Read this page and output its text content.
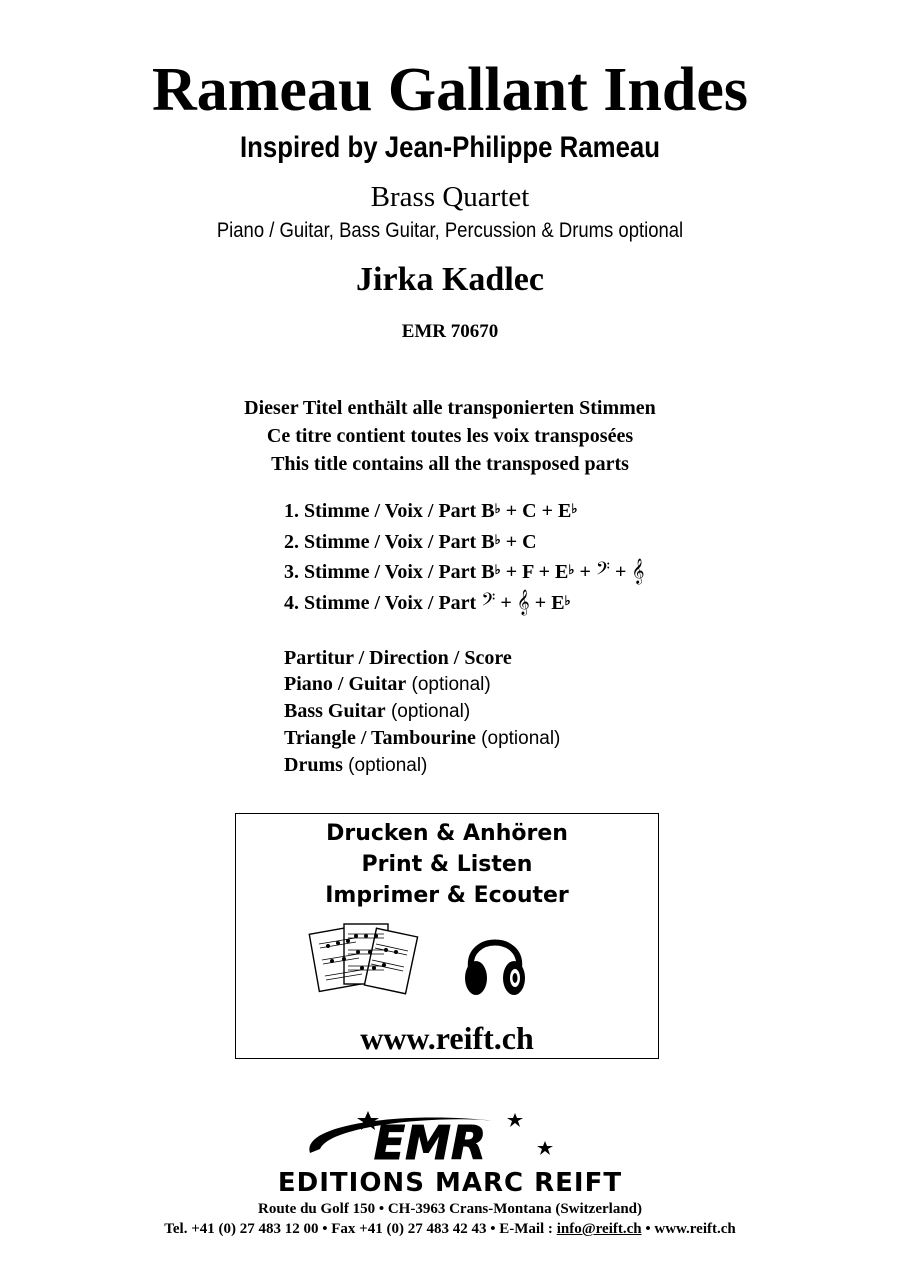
Rameau Gallant Indes
Inspired by Jean-Philippe Rameau
Brass Quartet
Piano / Guitar, Bass Guitar, Percussion & Drums optional
Jirka Kadlec
EMR 70670
Dieser Titel enthält alle transponierten Stimmen
Ce titre contient toutes les voix transposées
This title contains all the transposed parts
1. Stimme / Voix / Part B♭ + C + E♭
2. Stimme / Voix / Part B♭ + C
3. Stimme / Voix / Part B♭ + F + E♭ + 𝄢 + 𝄞
4. Stimme / Voix / Part 𝄢 + 𝄞 + E♭
Partitur / Direction / Score
Piano / Guitar (optional)
Bass Guitar (optional)
Triangle / Tambourine (optional)
Drums (optional)
Drucken & Anhören
Print & Listen
Imprimer & Ecouter
www.reift.ch
EMR
EDITIONS MARC REIFT
Route du Golf 150 • CH-3963 Crans-Montana (Switzerland)
Tel. +41 (0) 27 483 12 00 • Fax +41 (0) 27 483 42 43 • E-Mail : info@reift.ch • www.reift.ch
